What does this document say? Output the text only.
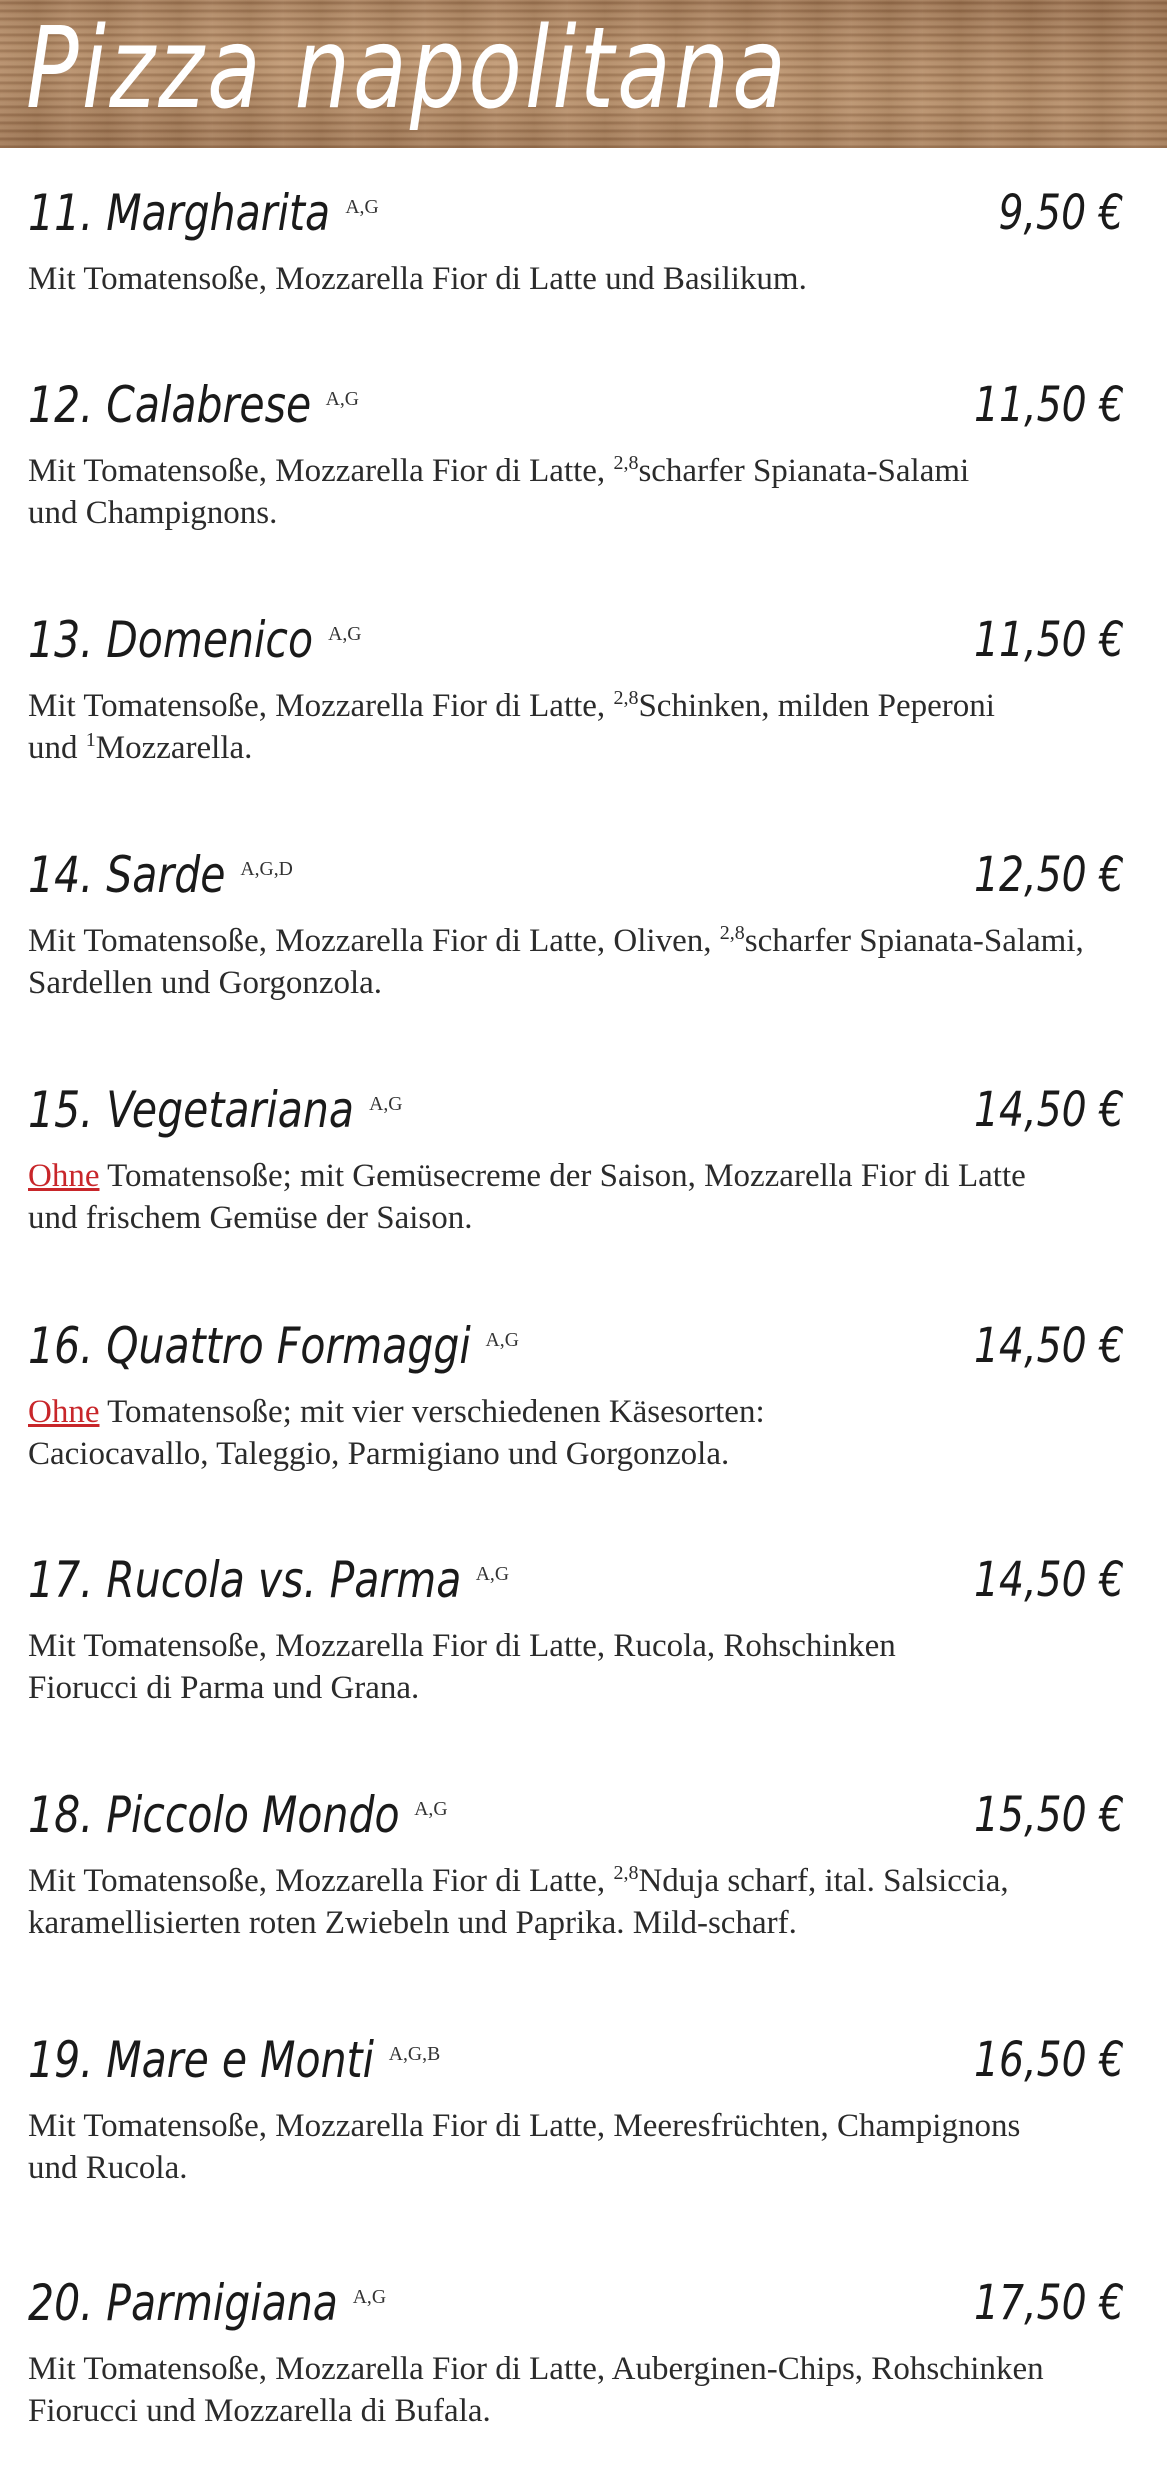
Pizza napolitana
11. Margharita A,G	9,50 €
Mit Tomatensoße, Mozzarella Fior di Latte und Basilikum.
12. Calabrese A,G	11,50 €
Mit Tomatensoße, Mozzarella Fior di Latte, $^{2,8}$scharfer Spianata-Salami
und Champignons.
13. Domenico A,G	11,50 €
Mit Tomatensoße, Mozzarella Fior di Latte, $^{2,8}$Schinken, milden Peperoni
und $^1$Mozzarella.
14. Sarde A,G,D	12,50 €
Mit Tomatensoße, Mozzarella Fior di Latte, Oliven, $^{2,8}$scharfer Spianata-Salami,
Sardellen und Gorgonzola.
15. Vegetariana A,G	14,50 €
Ohne Tomatensoße; mit Gemüsecreme der Saison, Mozzarella Fior di Latte
und frischem Gemüse der Saison.
16. Quattro Formaggi A,G	14,50 €
Ohne Tomatensoße; mit vier verschiedenen Käsesorten:
Caciocavallo, Taleggio, Parmigiano und Gorgonzola.
17. Rucola vs. Parma A,G	14,50 €
Mit Tomatensoße, Mozzarella Fior di Latte, Rucola, Rohschinken
Fiorucci di Parma und Grana.
18. Piccolo Mondo A,G	15,50 €
Mit Tomatensoße, Mozzarella Fior di Latte, $^{2,8}$Nduja scharf, ital. Salsiccia,
karamellisierten roten Zwiebeln und Paprika. Mild-scharf.
19. Mare e Monti A,G,B	16,50 €
Mit Tomatensoße, Mozzarella Fior di Latte, Meeresfrüchten, Champignons
und Rucola.
20. Parmigiana A,G	17,50 €
Mit Tomatensoße, Mozzarella Fior di Latte, Auberginen-Chips, Rohschinken
Fiorucci und Mozzarella di Bufala.
